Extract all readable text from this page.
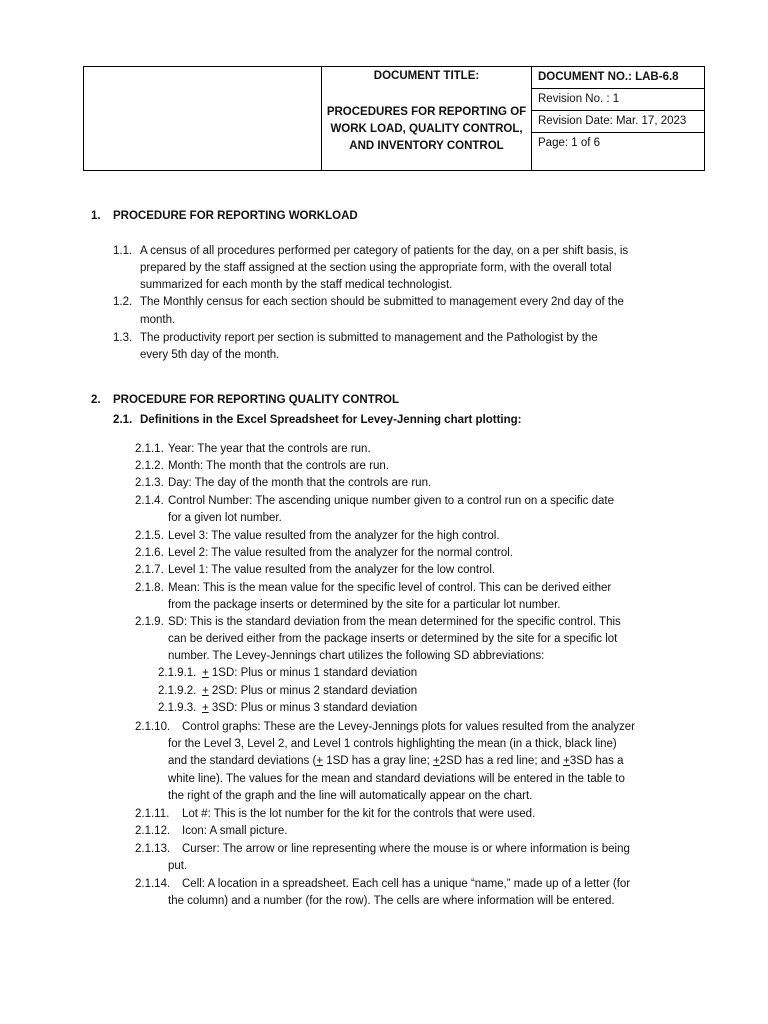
DOCUMENT TITLE:
PROCEDURES FOR REPORTING OF
WORK LOAD, QUALITY CONTROL,
AND INVENTORY CONTROL
DOCUMENT NO.: LAB-6.8
Revision No. : 1
Revision Date: Mar. 17, 2023
Page: 1 of 6
1. PROCEDURE FOR REPORTING WORKLOAD
1.1. A census of all procedures performed per category of patients for the day, on a per shift basis, is
prepared by the staff assigned at the section using the appropriate form, with the overall total
summarized for each month by the staff medical technologist.
1.2. The Monthly census for each section should be submitted to management every 2nd day of the
month.
1.3. The productivity report per section is submitted to management and the Pathologist by the
every 5th day of the month.
2. PROCEDURE FOR REPORTING QUALITY CONTROL
2.1. Definitions in the Excel Spreadsheet for Levey-Jenning chart plotting:
2.1.1. Year: The year that the controls are run.
2.1.2. Month: The month that the controls are run.
2.1.3. Day: The day of the month that the controls are run.
2.1.4. Control Number: The ascending unique number given to a control run on a specific date
for a given lot number.
2.1.5. Level 3: The value resulted from the analyzer for the high control.
2.1.6. Level 2: The value resulted from the analyzer for the normal control.
2.1.7. Level 1: The value resulted from the analyzer for the low control.
2.1.8. Mean: This is the mean value for the specific level of control. This can be derived either
from the package inserts or determined by the site for a particular lot number.
2.1.9. SD: This is the standard deviation from the mean determined for the specific control. This
can be derived either from the package inserts or determined by the site for a specific lot
number. The Levey-Jennings chart utilizes the following SD abbreviations:
2.1.9.1. + 1SD: Plus or minus 1 standard deviation
2.1.9.2. + 2SD: Plus or minus 2 standard deviation
2.1.9.3. + 3SD: Plus or minus 3 standard deviation
2.1.10. Control graphs: These are the Levey-Jennings plots for values resulted from the analyzer
for the Level 3, Level 2, and Level 1 controls highlighting the mean (in a thick, black line)
and the standard deviations (+ 1SD has a gray line; +2SD has a red line; and +3SD has a
white line). The values for the mean and standard deviations will be entered in the table to
the right of the graph and the line will automatically appear on the chart.
2.1.11. Lot #: This is the lot number for the kit for the controls that were used.
2.1.12. Icon: A small picture.
2.1.13. Curser: The arrow or line representing where the mouse is or where information is being
put.
2.1.14. Cell: A location in a spreadsheet. Each cell has a unique “name,” made up of a letter (for
the column) and a number (for the row). The cells are where information will be entered.
